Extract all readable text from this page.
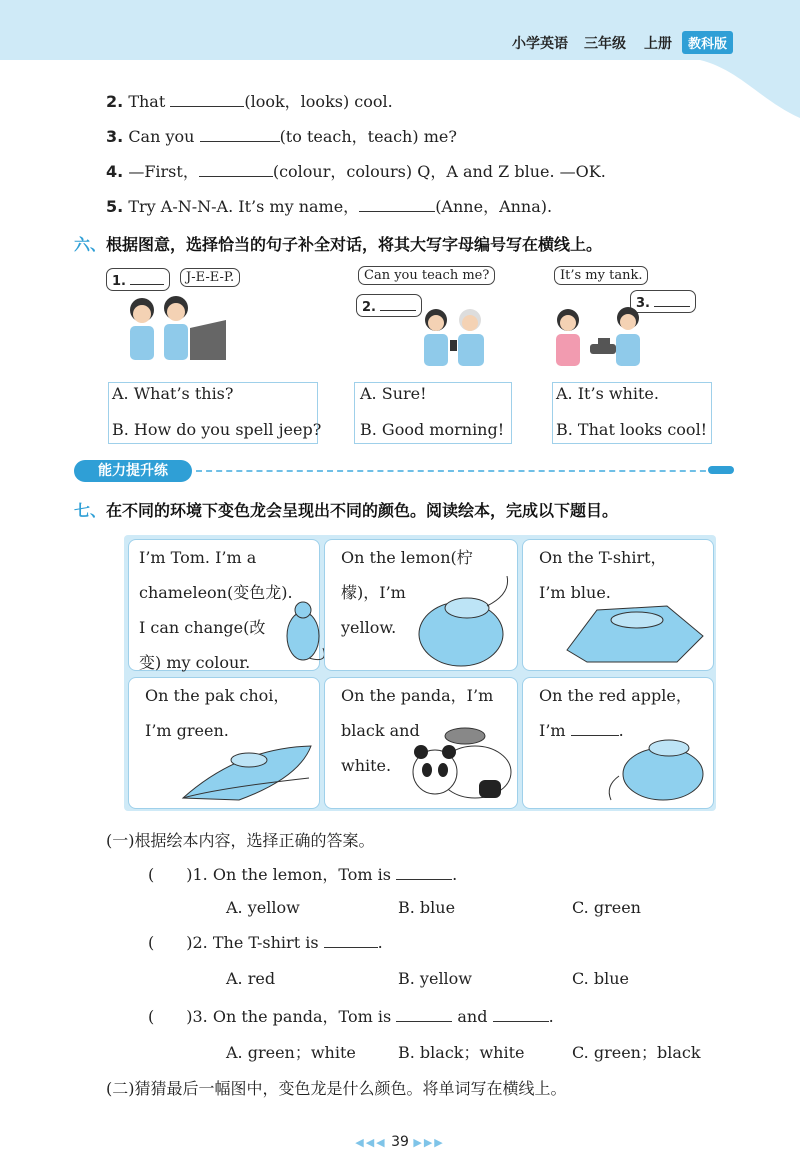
小学英语 三年级 上册	教科版
2. That	(look，looks) cool.
3. Can you	(to teach，teach) me?
4. —First，	(colour，colours) Q，A and Z blue. —OK.
5. Try A-N-N-A. It’s my name，	(Anne，Anna).
六、根据图意，选择恰当的句子补全对话，将其大写字母编号写在横线上。
1.	J-E-E-P.	Can you teach me?
2.
It’s my tank.
3.
A. What’s this?
B. How do you spell jeep?
A. Sure!
B. Good morning!
A. It’s white.
B. That looks cool!
能力提升练
七、在不同的环境下变色龙会呈现出不同的颜色。阅读绘本，完成以下题目。
I’m Tom. I’m a
chameleon(变色龙).
I can change(改
变) my colour.
On the lemon(柠
檬)，I’m
yellow.
On the T-shirt，
I’m blue.
On the pak choi，
I’m green.
On the panda，I’m
black and
white.
On the red apple，
I’m	.
(一)根据绘本内容，选择正确的答案。
( )1. On the lemon，Tom is	.
A. yellow	B. blue	C. green
( )2. The T-shirt is	.
A. red	B. yellow	C. blue
( )3. On the panda，Tom is	and	.
A. green；white	B. black；white	C. green；black
(二)猜猜最后一幅图中，变色龙是什么颜色。将单词写在横线上。
◀◀◀ 39 ▶▶▶
